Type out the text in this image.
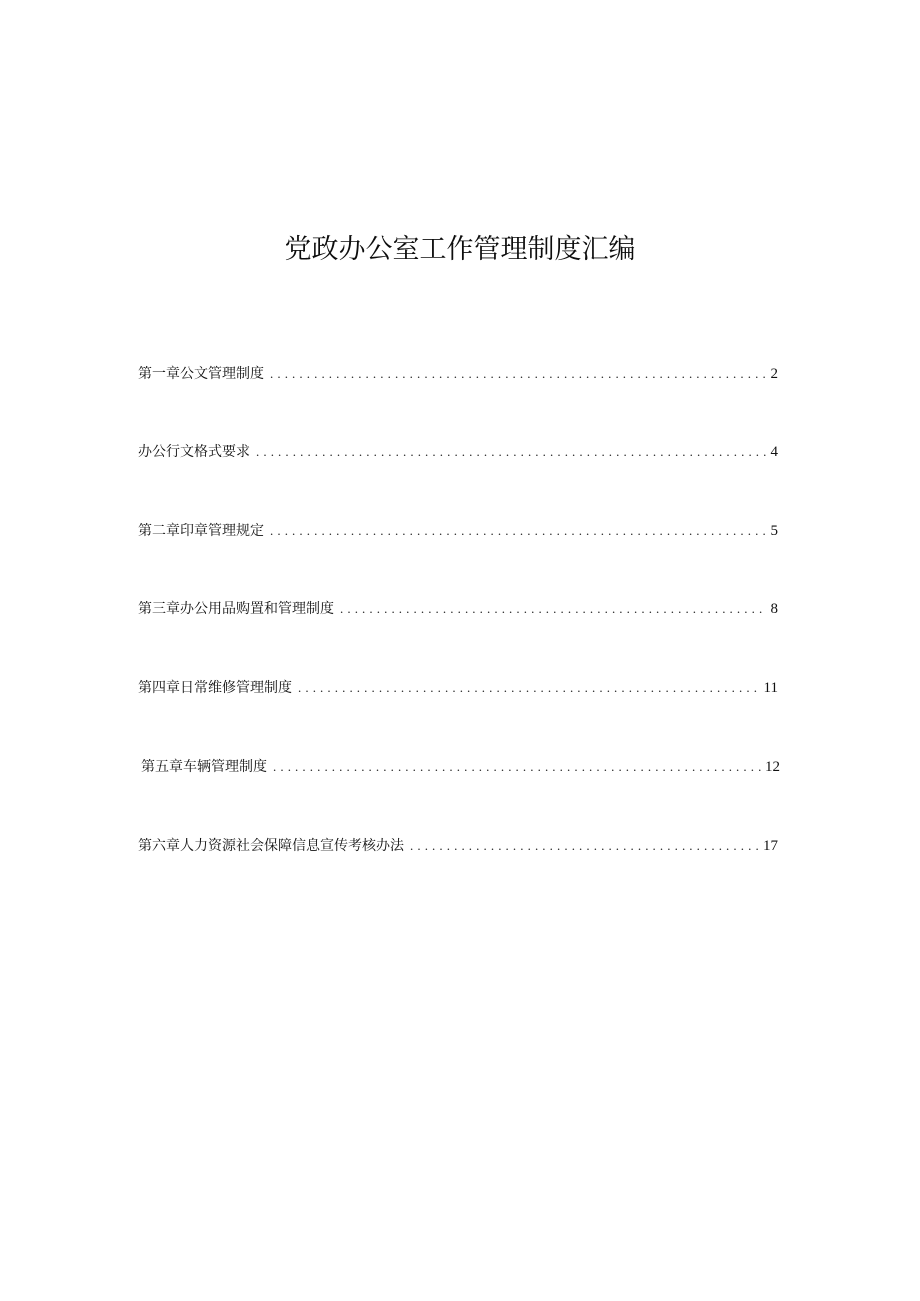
党政办公室工作管理制度汇编
第一章公文管理制度 .....	2
办公行文格式要求 .....	4
第二章印章管理规定 .....	5
第三章办公用品购置和管理制度 .....	8
第四章日常维修管理制度 .....	11
第五章车辆管理制度 .....	12
第六章人力资源社会保障信息宣传考核办法 .....	17
